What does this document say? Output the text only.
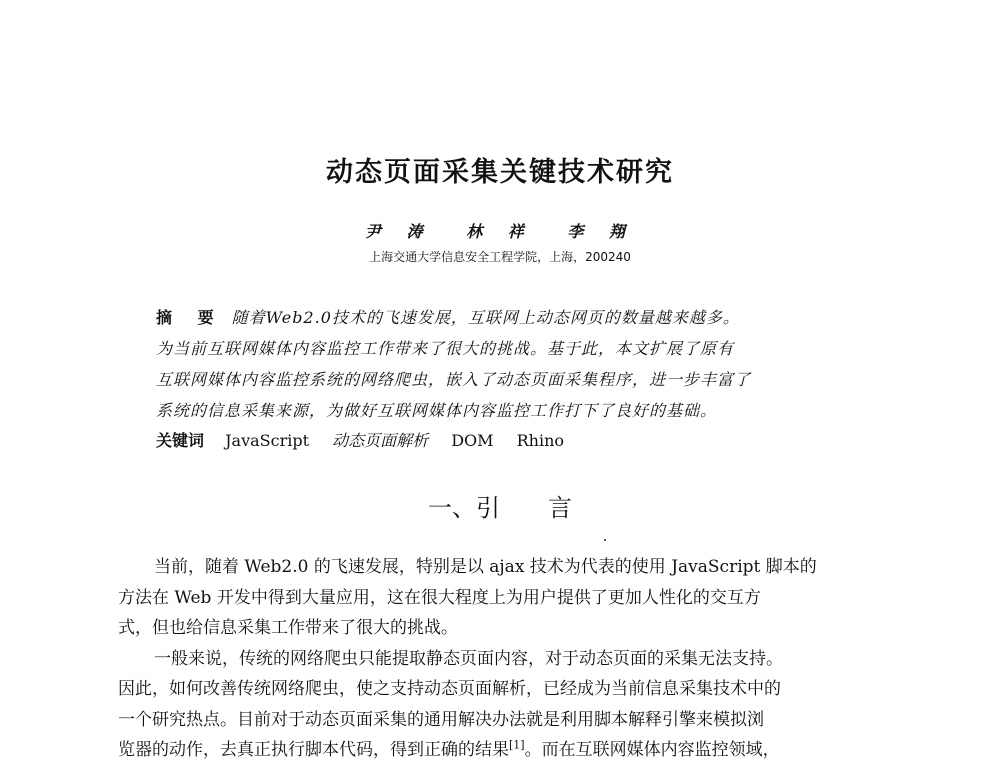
动态页面采集关键技术研究
尹 涛 林 祥 李 翔
上海交通大学信息安全工程学院，上海，200240
摘 要 随着Web2.0技术的飞速发展，互联网上动态网页的数量越来越多。
为当前互联网媒体内容监控工作带来了很大的挑战。基于此，本文扩展了原有
互联网媒体内容监控系统的网络爬虫，嵌入了动态页面采集程序，进一步丰富了
系统的信息采集来源，为做好互联网媒体内容监控工作打下了良好的基础。
关键词 JavaScript 动态页面解析 DOM Rhino
一、引 言
当前，随着 Web2.0 的飞速发展，特别是以 ajax 技术为代表的使用 JavaScript 脚本的
方法在 Web 开发中得到大量应用，这在很大程度上为用户提供了更加人性化的交互方
式，但也给信息采集工作带来了很大的挑战。
一般来说，传统的网络爬虫只能提取静态页面内容，对于动态页面的采集无法支持。
因此，如何改善传统网络爬虫，使之支持动态页面解析，已经成为当前信息采集技术中的
一个研究热点。目前对于动态页面采集的通用解决办法就是利用脚本解释引擎来模拟浏
览器的动作，去真正执行脚本代码，得到正确的结果[1]。而在互联网媒体内容监控领域，
